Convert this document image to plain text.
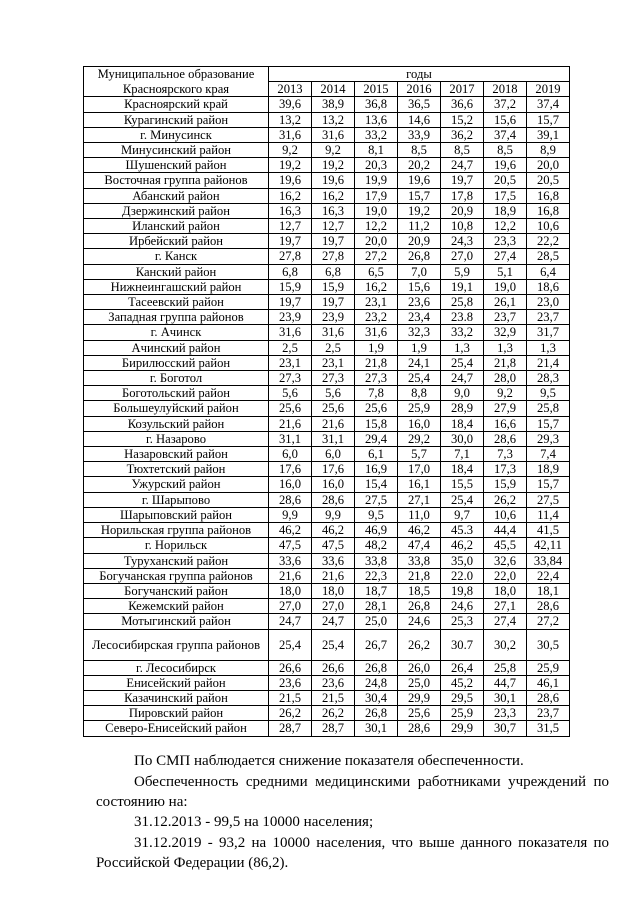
Муниципальное образование Красноярского края	годы						
	2013	2014	2015	2016	2017	2018	2019
Красноярский край	39,6	38,9	36,8	36,5	36,6	37,2	37,4
Курагинский район	13,2	13,2	13,6	14,6	15,2	15,6	15,7
г. Минусинск	31,6	31,6	33,2	33,9	36,2	37,4	39,1
Минусинский район	9,2	9,2	8,1	8,5	8,5	8,5	8,9
Шушенский район	19,2	19,2	20,3	20,2	24,7	19,6	20,0
Восточная группа районов	19,6	19,6	19,9	19,6	19,7	20,5	20,5
Абанский район	16,2	16,2	17,9	15,7	17,8	17,5	16,8
Дзержинский район	16,3	16,3	19,0	19,2	20,9	18,9	16,8
Иланский район	12,7	12,7	12,2	11,2	10,8	12,2	10,6
Ирбейский район	19,7	19,7	20,0	20,9	24,3	23,3	22,2
г. Канск	27,8	27,8	27,2	26,8	27,0	27,4	28,5
Канский район	6,8	6,8	6,5	7,0	5,9	5,1	6,4
Нижнеингашский район	15,9	15,9	16,2	15,6	19,1	19,0	18,6
Тасеевский район	19,7	19,7	23,1	23,6	25,8	26,1	23,0
Западная группа районов	23,9	23,9	23,2	23,4	23.8	23,7	23,7
г. Ачинск	31,6	31,6	31,6	32,3	33,2	32,9	31,7
Ачинский район	2,5	2,5	1,9	1,9	1,3	1,3	1,3
Бирилюсский район	23,1	23,1	21,8	24,1	25,4	21,8	21,4
г. Боготол	27,3	27,3	27,3	25,4	24,7	28,0	28,3
Боготольский район	5,6	5,6	7,8	8,8	9,0	9,2	9,5
Большеулуйский район	25,6	25,6	25,6	25,9	28,9	27,9	25,8
Козульский район	21,6	21,6	15,8	16,0	18,4	16,6	15,7
г. Назарово	31,1	31,1	29,4	29,2	30,0	28,6	29,3
Назаровский район	6,0	6,0	6,1	5,7	7,1	7,3	7,4
Тюхтетский район	17,6	17,6	16,9	17,0	18,4	17,3	18,9
Ужурский район	16,0	16,0	15,4	16,1	15,5	15,9	15,7
г. Шарыпово	28,6	28,6	27,5	27,1	25,4	26,2	27,5
Шарыповский район	9,9	9,9	9,5	11,0	9,7	10,6	11,4
Норильская группа районов	46,2	46,2	46,9	46,2	45.3	44,4	41,5
г. Норильск	47,5	47,5	48,2	47,4	46,2	45,5	42,11
Туруханский район	33,6	33,6	33,8	33,8	35,0	32,6	33,84
Богучанская группа районов	21,6	21,6	22,3	21,8	22.0	22,0	22,4
Богучанский район	18,0	18,0	18,7	18,5	19,8	18,0	18,1
Кежемский район	27,0	27,0	28,1	26,8	24,6	27,1	28,6
Мотыгинский район	24,7	24,7	25,0	24,6	25,3	27,4	27,2
Лесосибирская группа районов	25,4	25,4	26,7	26,2	30.7	30,2	30,5
г. Лесосибирск	26,6	26,6	26,8	26,0	26,4	25,8	25,9
Енисейский район	23,6	23,6	24,8	25,0	45,2	44,7	46,1
Казачинский район	21,5	21,5	30,4	29,9	29,5	30,1	28,6
Пировский район	26,2	26,2	26,8	25,6	25,9	23,3	23,7
Северо-Енисейский район	28,7	28,7	30,1	28,6	29,9	30,7	31,5
По СМП наблюдается снижение показателя обеспеченности.
Обеспеченность средними медицинскими работниками учреждений по состоянию на:
31.12.2013 - 99,5 на 10000 населения;
31.12.2019 - 93,2 на 10000 населения, что выше данного показателя по Российской Федерации (86,2).
